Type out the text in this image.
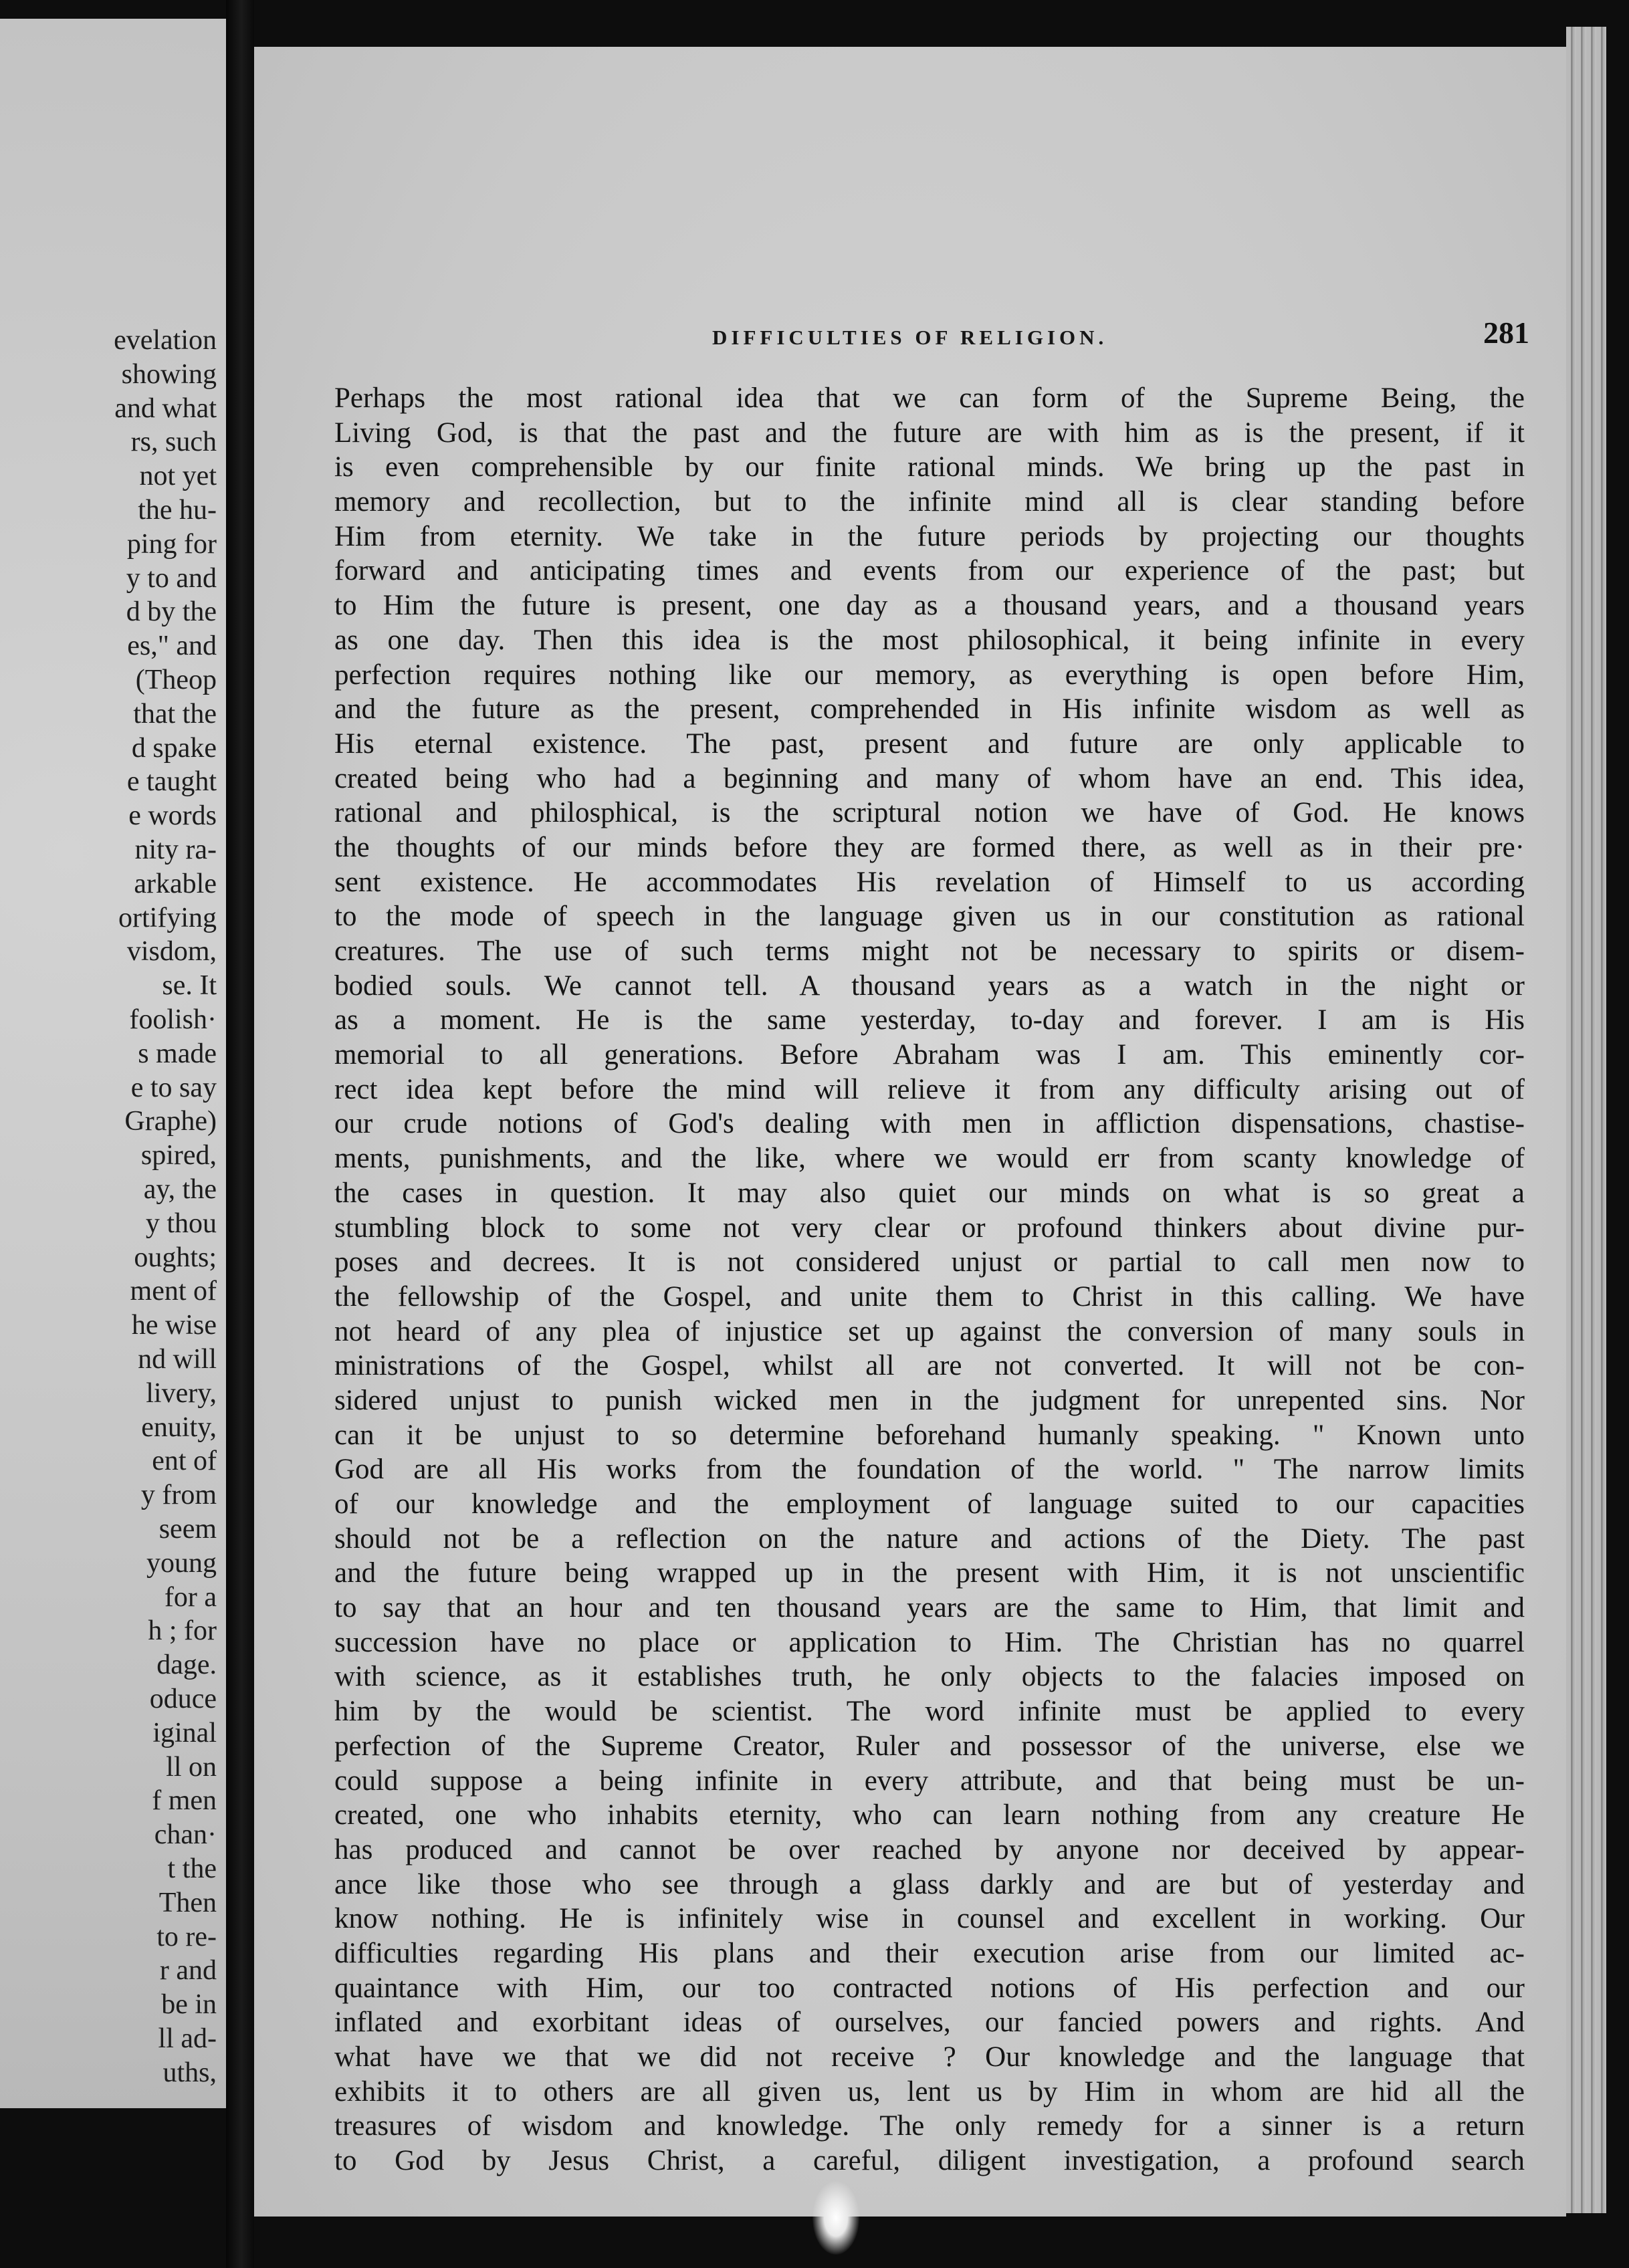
evelation
showing
and what
rs, such
not yet
the hu-
ping for
y to and
d by the
es," and
(Theop
that the
d spake
e taught
e words
nity ra-
arkable
ortifying
visdom,
se. It
foolish·
s made
e to say
Graphe)
spired,
ay, the
y thou
oughts;
ment of
he wise
nd will
livery,
enuity,
ent of
y from
seem
young
for a
h ; for
dage.
oduce
iginal
ll on
f men
chan·
t the
Then
to re-
r and
be in
ll ad-
uths,
DIFFICULTIES OF RELIGION.	281
Perhaps the most rational idea that we can form of the Supreme Being, the
Living God, is that the past and the future are with him as is the present, if it
is even comprehensible by our finite rational minds. We bring up the past in
memory and recollection, but to the infinite mind all is clear standing before
Him from eternity. We take in the future periods by projecting our thoughts
forward and anticipating times and events from our experience of the past; but
to Him the future is present, one day as a thousand years, and a thousand years
as one day. Then this idea is the most philosophical, it being infinite in every
perfection requires nothing like our memory, as everything is open before Him,
and the future as the present, comprehended in His infinite wisdom as well as
His eternal existence. The past, present and future are only applicable to
created being who had a beginning and many of whom have an end. This idea,
rational and philosphical, is the scriptural notion we have of God. He knows
the thoughts of our minds before they are formed there, as well as in their pre·
sent existence. He accommodates His revelation of Himself to us according
to the mode of speech in the language given us in our constitution as rational
creatures. The use of such terms might not be necessary to spirits or disem-
bodied souls. We cannot tell. A thousand years as a watch in the night or
as a moment. He is the same yesterday, to-day and forever. I am is His
memorial to all generations. Before Abraham was I am. This eminently cor-
rect idea kept before the mind will relieve it from any difficulty arising out of
our crude notions of God's dealing with men in affliction dispensations, chastise-
ments, punishments, and the like, where we would err from scanty knowledge of
the cases in question. It may also quiet our minds on what is so great a
stumbling block to some not very clear or profound thinkers about divine pur-
poses and decrees. It is not considered unjust or partial to call men now to
the fellowship of the Gospel, and unite them to Christ in this calling. We have
not heard of any plea of injustice set up against the conversion of many souls in
ministrations of the Gospel, whilst all are not converted. It will not be con-
sidered unjust to punish wicked men in the judgment for unrepented sins. Nor
can it be unjust to so determine beforehand humanly speaking. " Known unto
God are all His works from the foundation of the world. " The narrow limits
of our knowledge and the employment of language suited to our capacities
should not be a reflection on the nature and actions of the Diety. The past
and the future being wrapped up in the present with Him, it is not unscientific
to say that an hour and ten thousand years are the same to Him, that limit and
succession have no place or application to Him. The Christian has no quarrel
with science, as it establishes truth, he only objects to the falacies imposed on
him by the would be scientist. The word infinite must be applied to every
perfection of the Supreme Creator, Ruler and possessor of the universe, else we
could suppose a being infinite in every attribute, and that being must be un-
created, one who inhabits eternity, who can learn nothing from any creature He
has produced and cannot be over reached by anyone nor deceived by appear-
ance like those who see through a glass darkly and are but of yesterday and
know nothing. He is infinitely wise in counsel and excellent in working. Our
difficulties regarding His plans and their execution arise from our limited ac-
quaintance with Him, our too contracted notions of His perfection and our
inflated and exorbitant ideas of ourselves, our fancied powers and rights. And
what have we that we did not receive ? Our knowledge and the language that
exhibits it to others are all given us, lent us by Him in whom are hid all the
treasures of wisdom and knowledge. The only remedy for a sinner is a return
to God by Jesus Christ, a careful, diligent investigation, a profound search
